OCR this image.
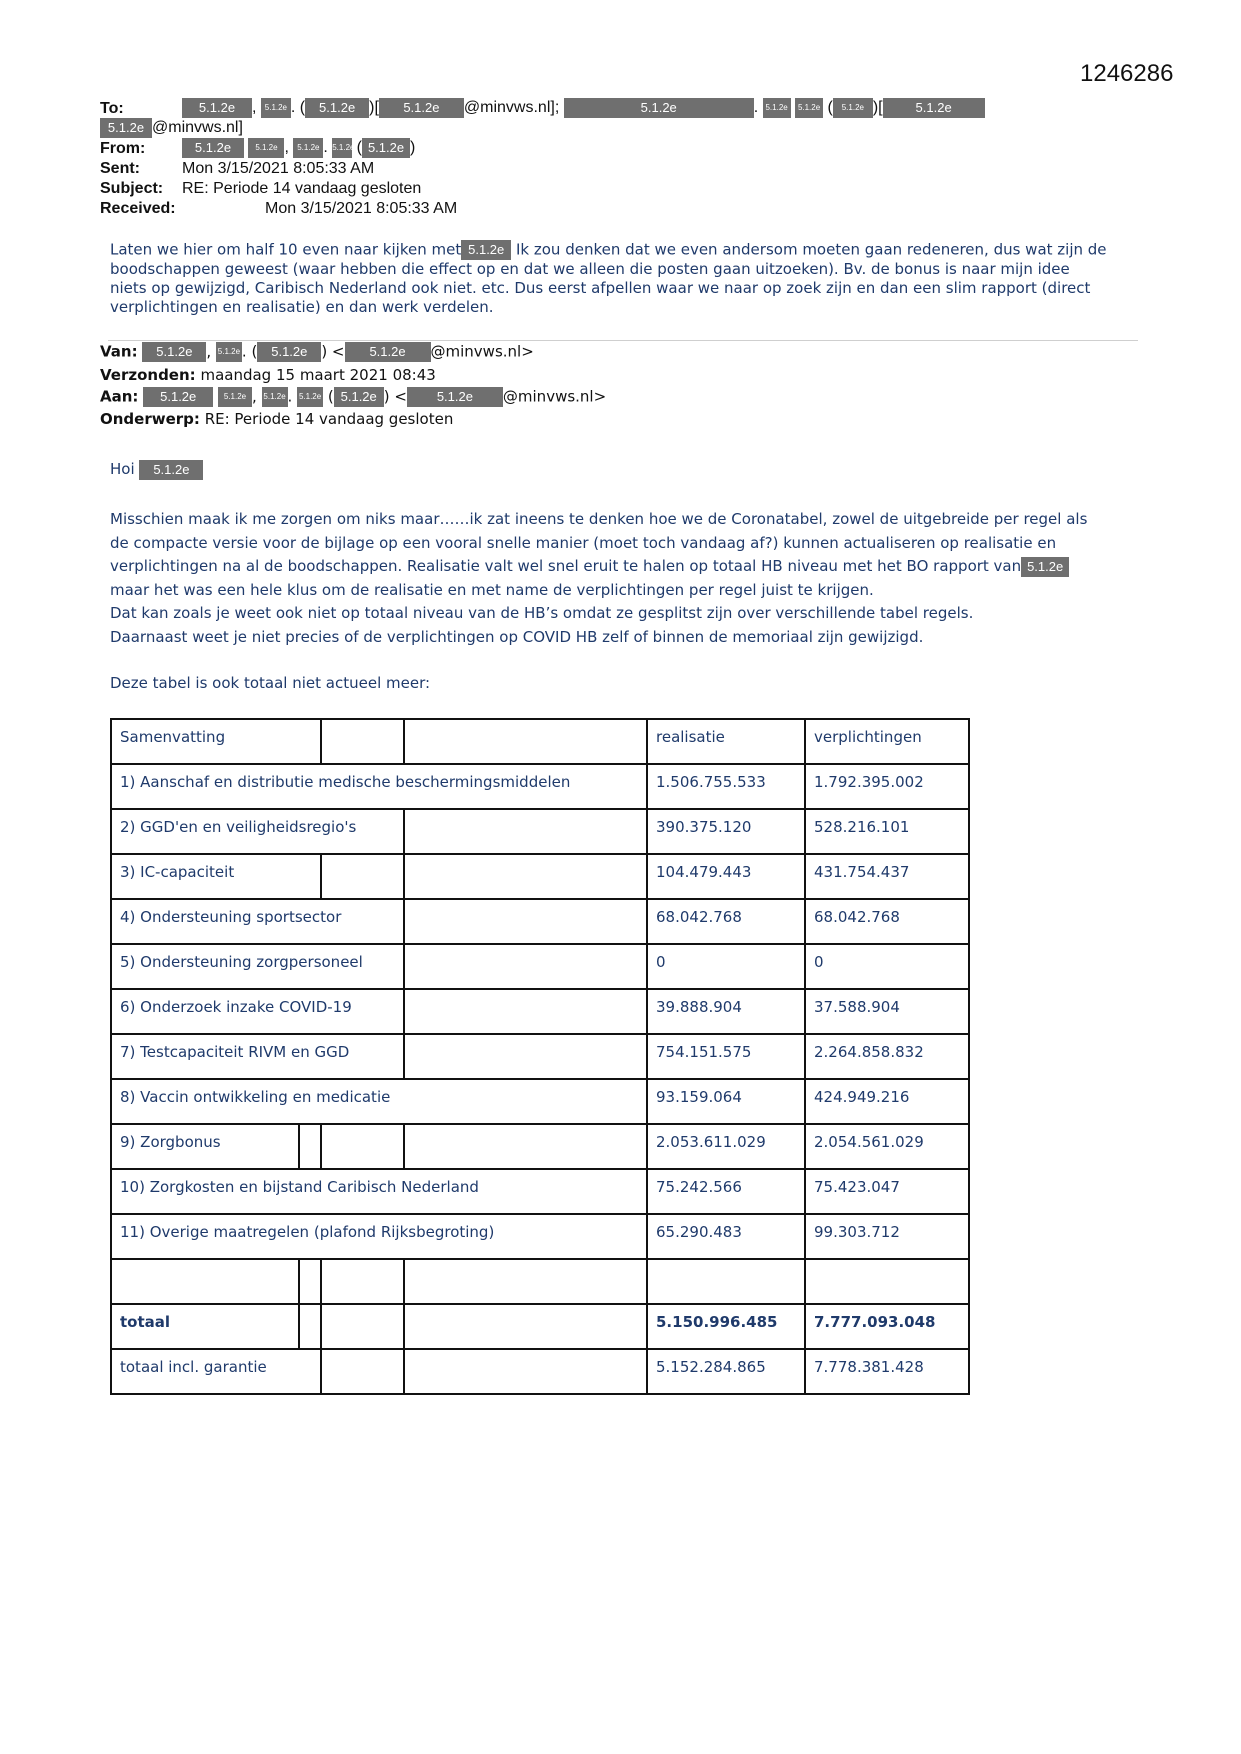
1246286
To:	5.1.2e , 5.1.2e . ( 5.1.2e )[ 5.1.2e @minvws.nl];	5.1.2e	. 5.1.2e 5.1.2e ( 5.1.2e )[	5.1.2e
5.1.2e @minvws.nl]
From:	5.1.2e	5.1.2e , 5.1.2e . 5.1.2e ( 5.1.2e )
Sent:	Mon 3/15/2021 8:05:33 AM
Subject: RE: Periode 14 vandaag gesloten
Received:	Mon 3/15/2021 8:05:33 AM
Laten we hier om half 10 even naar kijken met 5.1.2e Ik zou denken dat we even andersom moeten gaan redeneren, dus wat zijn de boodschappen geweest (waar hebben die effect op en dat we alleen die posten gaan uitzoeken). Bv. de bonus is naar mijn idee niets op gewijzigd, Caribisch Nederland ook niet. etc. Dus eerst afpellen waar we naar op zoek zijn en dan een slim rapport (direct verplichtingen en realisatie) en dan werk verdelen.
Van: 5.1.2e , 5.1.2e . ( 5.1.2e ) < 5.1.2e @minvws.nl>
Verzonden: maandag 15 maart 2021 08:43
Aan: 5.1.2e	5.1.2e , 5.1.2e . 5.1.2e ( 5.1.2e ) < 5.1.2e @minvws.nl>
Onderwerp: RE: Periode 14 vandaag gesloten
Hoi 5.1.2e
Misschien maak ik me zorgen om niks maar……ik zat ineens te denken hoe we de Coronatabel, zowel de uitgebreide per regel als
de compacte versie voor de bijlage op een vooral snelle manier (moet toch vandaag af?) kunnen actualiseren op realisatie en
verplichtingen na al de boodschappen. Realisatie valt wel snel eruit te halen op totaal HB niveau met het BO rapport van 5.1.2e
maar het was een hele klus om de realisatie en met name de verplichtingen per regel juist te krijgen.
Dat kan zoals je weet ook niet op totaal niveau van de HB’s omdat ze gesplitst zijn over verschillende tabel regels.
Daarnaast weet je niet precies of de verplichtingen op COVID HB zelf of binnen de memoriaal zijn gewijzigd.
Deze tabel is ook totaal niet actueel meer:
Samenvatting			realisatie	verplichtingen
1) Aanschaf en distributie medische beschermingsmiddelen			1.506.755.533	1.792.395.002
2) GGD'en en veiligheidsregio's			390.375.120	528.216.101
3) IC-capaciteit			104.479.443	431.754.437
4) Ondersteuning sportsector			68.042.768	68.042.768
5) Ondersteuning zorgpersoneel			0	0
6) Onderzoek inzake COVID-19			39.888.904	37.588.904
7) Testcapaciteit RIVM en GGD			754.151.575	2.264.858.832
8) Vaccin ontwikkeling en medicatie			93.159.064	424.949.216

9) Zorgbonus			2.053.611.029	2.054.561.029
10) Zorgkosten en bijstand Caribisch Nederland			75.242.566	75.423.047
11) Overige maatregelen (plafond Rijksbegroting)			65.290.483	99.303.712

totaal			5.150.996.485	7.777.093.048
totaal incl. garantie			5.152.284.865	7.778.381.428
